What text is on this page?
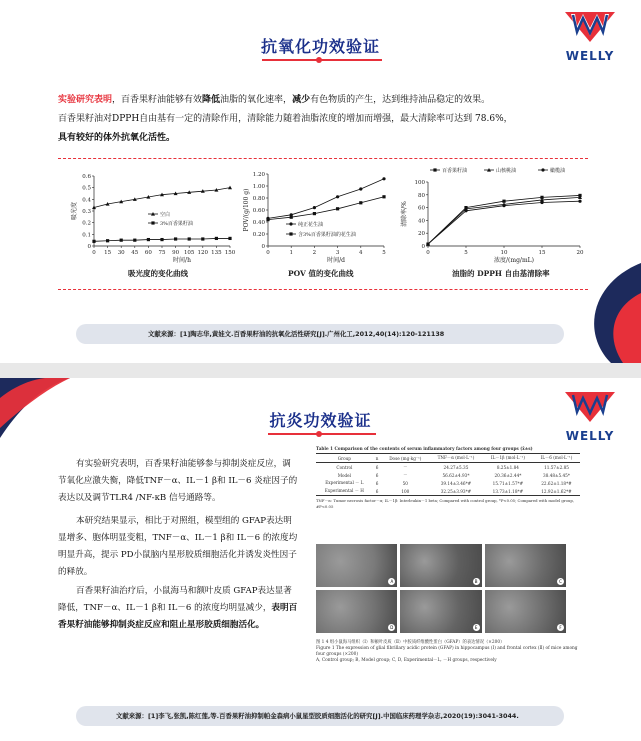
WELLY
抗氧化功效验证
实验研究表明，百香果籽油能够有效降低油脂的氧化速率，减少有色物质的产生，达到维持油品稳定的效果。
百香果籽油对DPPH自由基有一定的清除作用，清除能力随着油脂浓度的增加而增强，最大清除率可达到 78.6%，
具有较好的体外抗氧化活性。
0
0.1
0.2
0.3
0.4
0.5
0.6
0 15 30 45 60 75 90 105 120 135 150
时间/h
吸光度	空白
3%百香果籽油
吸光度的变化曲线
0
0.20
0.40
0.60
0.80
1.00
1.20
0	1	2	3	4	5
时间/d
POV/(g/100 g)	纯正花生油
含3%百香果籽油的花生油
POV 值的变化曲线
0
20
40
60
80
100
0	5	10	15	20
浓度/(mg/mL)
清除率/%
百香果籽油	山核桃油	橄榄油
油脂的 DPPH 自由基清除率
文献来源：[1]陶志华,黄娃文.百香果籽油的抗氧化活性研究[J].广州化工,2012,40(14):120-121138
WELLY
抗炎功效验证

有实验研究表明，百香果籽油能够参与抑制炎症反应，调节氧化应激失衡，降低TNF－α、IL－1 β和 IL－6 炎症因子的表达以及调节TLR4 /NF-κB 信号通路等。

本研究结果显示，相比于对照组，模型组的 GFAP表达明显增多、胞体明显变粗，TNF－α、IL－1 β和 IL－6 的浓度均明显升高，提示 PD小鼠脑内星形胶质细胞活化并诱发炎性因子的释放。

百香果籽油治疗后，小鼠海马和额叶皮质 GFAP表达显著降低，TNF－α、IL－1 β和 IL－6 的浓度均明显减少，表明百香果籽油能够抑制炎症反应和阻止星形胶质细胞活化。

Table 1 Comparison of the contents of serum inflammatory factors among four groups (x̄±s)
Group	n	Dose (mg·kg⁻¹)	TNF－α (mol·L⁻¹)	IL－1β (mol·L⁻¹)	IL－6 (mol·L⁻¹)
Control	6	－	24.27±5.35	8.25±1.84	11.57±2.85
Model	6	－	56.62±4.93*	20.36±2.44*	38.48±5.45*
Experimental － L	6	50	39.14±3.46*#	15.71±1.57*#	22.62±1.18*#
Experimental － H	6	100	32.25±3.93*#	13.73±1.18*#	12.92±1.62*#
TNF－α: Tumor necrosis factor－α; IL－1β: Interleukin－1 beta; Compared with control group, *P<0.05; Compared with model group, #P<0.05
A	B	C
D	E	F
图 1 4 组小鼠海马组织（Ⅰ）和额叶皮质（Ⅱ）中胶质纤维酸性蛋白（GFAP）的表达情况（×200）
Figure 1 The expression of glial fibrillary acidic protein (GFAP) in hippocampus (Ⅰ) and frontal cortex (Ⅱ) of mice among four groups (×200)
A, Control group; B, Model group; C, D, Experimental－L, －H groups, respectively
文献来源：[1]李飞,张凯,陈红莲,等.百香果籽油抑制帕金森病小鼠星型胶质细胞活化的研究[J].中国临床药理学杂志,2020(19):3041-3044.
